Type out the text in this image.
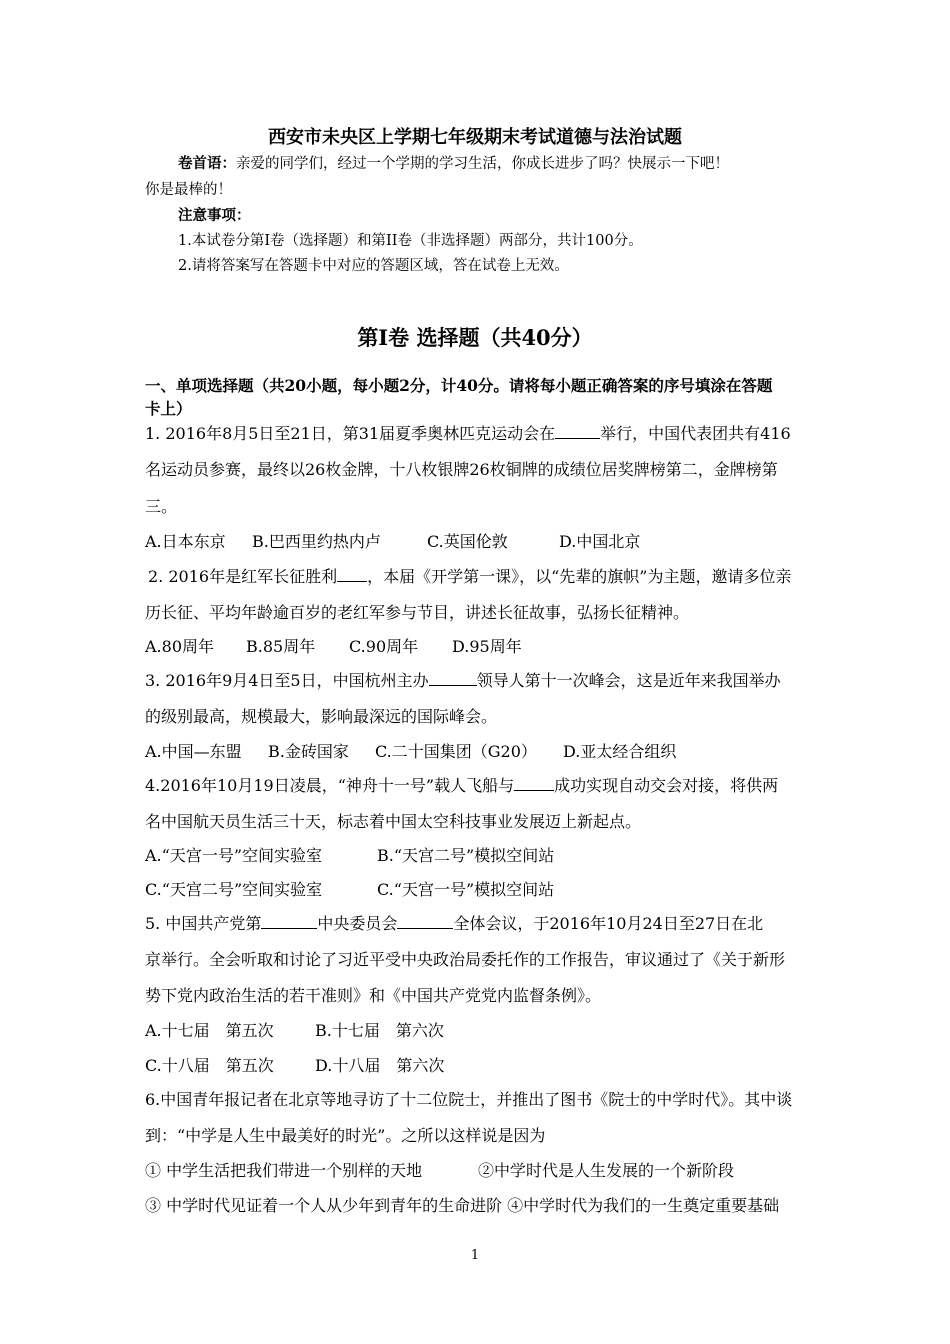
西安市未央区上学期七年级期末考试道德与法治试题
卷首语：亲爱的同学们，经过一个学期的学习生活，你成长进步了吗？快展示一下吧！
你是最棒的！
注意事项：
1.本试卷分第Ⅰ卷（选择题）和第II卷（非选择题）两部分，共计100分。
2.请将答案写在答题卡中对应的答题区域，答在试卷上无效。
第Ⅰ卷 选择题（共40分）
一、单项选择题（共20小题，每小题2分，计40分。请将每小题正确答案的序号填涂在答题
卡上）
1. 2016年8月5日至21日，第31届夏季奥林匹克运动会在	举行，中国代表团共有416
名运动员参赛，最终以26枚金牌，十八枚银牌26枚铜牌的成绩位居奖牌榜第二，金牌榜第
三。
A.日本东京 B.巴西里约热内卢	C.英国伦敦	D.中国北京
2. 2016年是红军长征胜利 ，本届《开学第一课》，以“先辈的旗帜”为主题，邀请多位亲
历长征、平均年龄逾百岁的老红军参与节目，讲述长征故事，弘扬长征精神。
A.80周年 B.85周年 C.90周年 D.95周年
3. 2016年9月4日至5日，中国杭州主办	领导人第十一次峰会，这是近年来我国举办
的级别最高，规模最大，影响最深远的国际峰会。
A.中国—东盟 B.金砖国家 C.二十国集团（G20） D.亚太经合组织
4.2016年10月19日凌晨，“神舟十一号”载人飞船与	成功实现自动交会对接，将供两
名中国航天员生活三十天，标志着中国太空科技事业发展迈上新起点。
A.“天宫一号”空间实验室	B.“天宫二号”模拟空间站
C.“天宫二号”空间实验室	C.“天宫一号”模拟空间站
5. 中国共产党第	中央委员会	全体会议，于2016年10月24日至27日在北
京举行。全会听取和讨论了习近平受中央政治局委托作的工作报告，审议通过了《关于新形
势下党内政治生活的若干准则》和《中国共产党党内监督条例》。
A.十七届　第五次	B.十七届　第六次
C.十八届　第五次	D.十八届　第六次
6.中国青年报记者在北京等地寻访了十二位院士，并推出了图书《院士的中学时代》。其中谈
到：“中学是人生中最美好的时光”。之所以这样说是因为
① 中学生活把我们带进一个别样的天地	②中学时代是人生发展的一个新阶段
③ 中学时代见证着一个人从少年到青年的生命进阶 ④中学时代为我们的一生奠定重要基础
1
